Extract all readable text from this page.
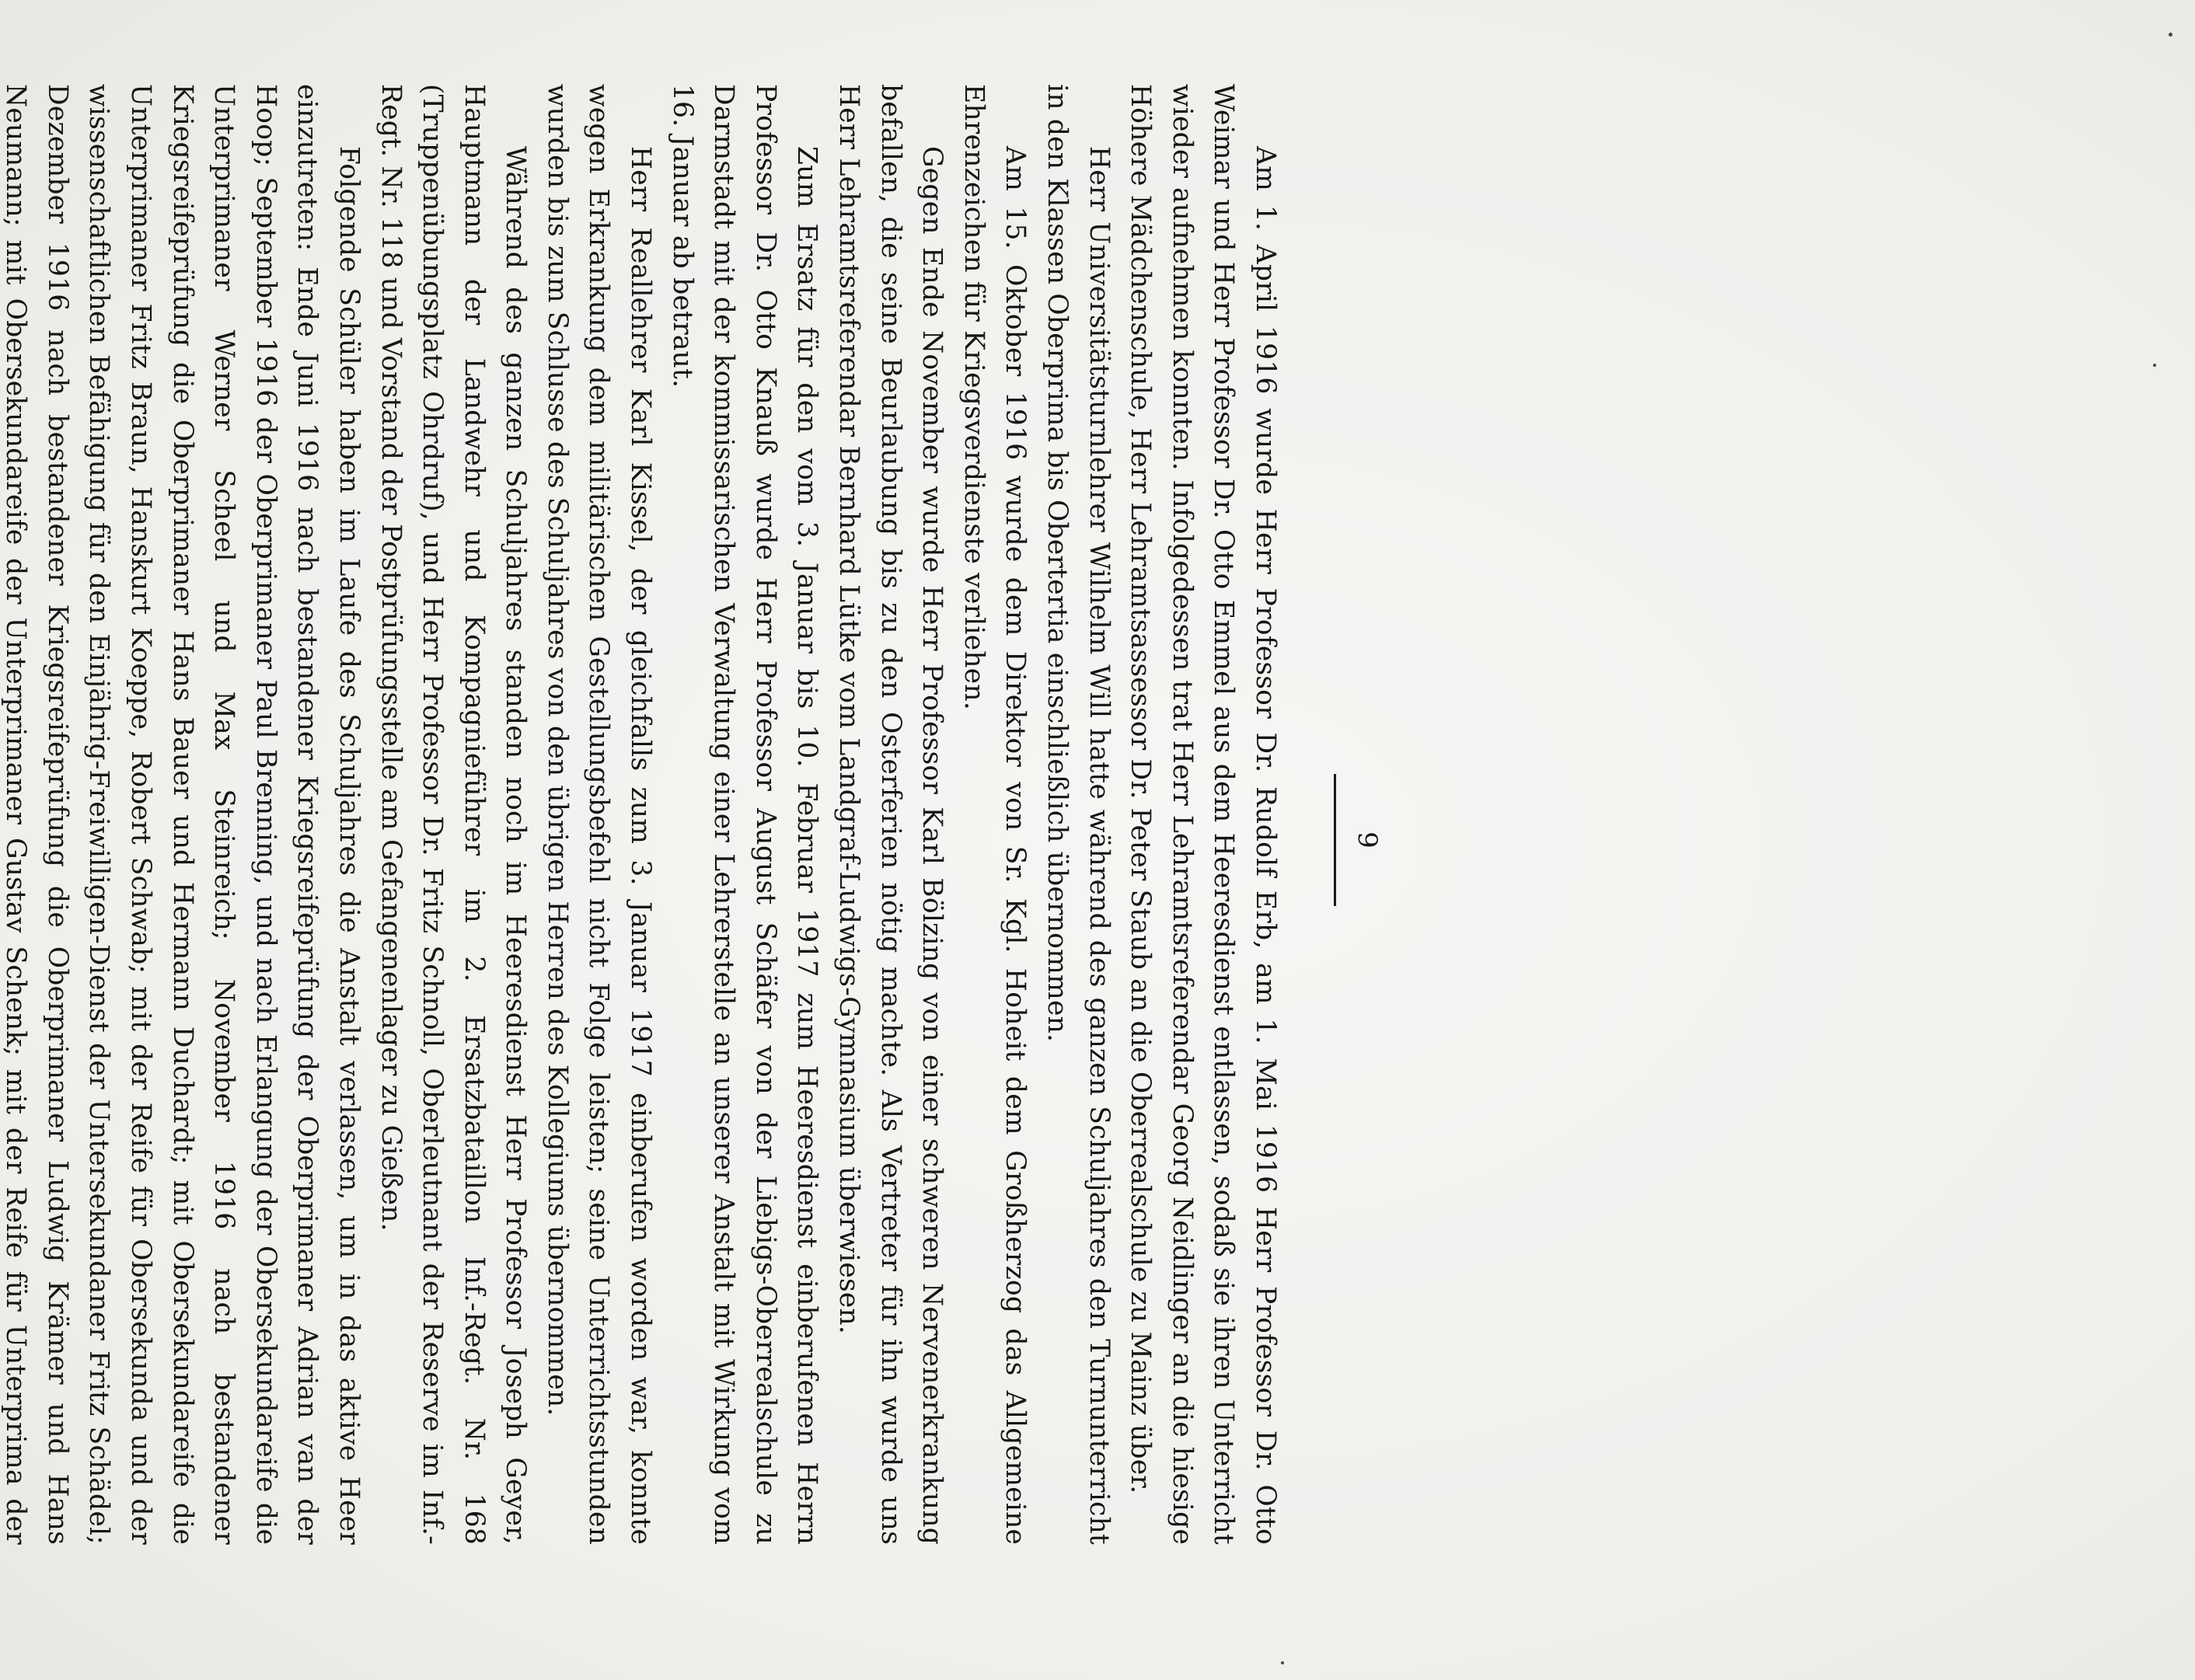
9

Am 1. April 1916 wurde Herr Professor Dr. Rudolf Erb, am 1. Mai 1916 Herr Professor Dr. Otto Weimar und Herr Professor Dr. Otto Emmel aus dem Heeresdienst entlassen, sodaß sie ihren Unterricht wieder aufnehmen konnten. Infolgedessen trat Herr Lehramtsreferendar Georg Neidlinger an die hiesige Höhere Mädchenschule, Herr Lehramtsassessor Dr. Peter Staub an die Oberrealschule zu Mainz über.

Herr Universitätsturnlehrer Wilhelm Will hatte während des ganzen Schuljahres den Turnunterricht in den Klassen Oberprima bis Obertertia einschließlich übernommen.

Am 15. Oktober 1916 wurde dem Direktor von Sr. Kgl. Hoheit dem Großherzog das Allgemeine Ehrenzeichen für Kriegsverdienste verliehen.

Gegen Ende November wurde Herr Professor Karl Bölzing von einer schweren Nervenerkrankung befallen, die seine Beurlaubung bis zu den Osterferien nötig machte. Als Vertreter für ihn wurde uns Herr Lehramtsreferendar Bernhard Lütke vom Landgraf-Ludwigs-Gymnasium überwiesen.

Zum Ersatz für den vom 3. Januar bis 10. Februar 1917 zum Heeresdienst einberufenen Herrn Professor Dr. Otto Knauß wurde Herr Professor August Schäfer von der Liebigs-Oberrealschule zu Darmstadt mit der kommissarischen Verwaltung einer Lehrerstelle an unserer Anstalt mit Wirkung vom 16. Januar ab betraut.

Herr Reallehrer Karl Kissel, der gleichfalls zum 3. Januar 1917 einberufen worden war, konnte wegen Erkrankung dem militärischen Gestellungsbefehl nicht Folge leisten; seine Unterrichtsstunden wurden bis zum Schlusse des Schuljahres von den übrigen Herren des Kollegiums übernommen.

Während des ganzen Schuljahres standen noch im Heeresdienst Herr Professor Joseph Geyer, Hauptmann der Landwehr und Kompagnieführer im 2. Ersatzbataillon Inf.-Regt. Nr. 168 (Truppenübungsplatz Ohrdruf), und Herr Professor Dr. Fritz Schnoll, Oberleutnant der Reserve im Inf.-Regt. Nr. 118 und Vorstand der Postprüfungsstelle am Gefangenenlager zu Gießen.

Folgende Schüler haben im Laufe des Schuljahres die Anstalt verlassen, um in das aktive Heer einzutreten: Ende Juni 1916 nach bestandener Kriegsreifeprüfung der Oberprimaner Adrian van der Hoop; September 1916 der Oberprimaner Paul Brenning, und nach Erlangung der Obersekundareife die Unterprimaner Werner Scheel und Max Steinreich; November 1916 nach bestandener Kriegsreifeprüfung die Oberprimaner Hans Bauer und Hermann Duchardt; mit Obersekundareife die Unterprimaner Fritz Braun, Hanskurt Koeppe, Robert Schwab; mit der Reife für Obersekunda und der wissenschaftlichen Befähigung für den Einjährig-Freiwilligen-Dienst der Untersekundaner Fritz Schädel; Dezember 1916 nach bestandener Kriegsreifeprüfung die Oberprimaner Ludwig Krämer und Hans Neumann; mit Obersekundareife der Unterprimaner Gustav Schenk; mit der Reife für Unterprima der
